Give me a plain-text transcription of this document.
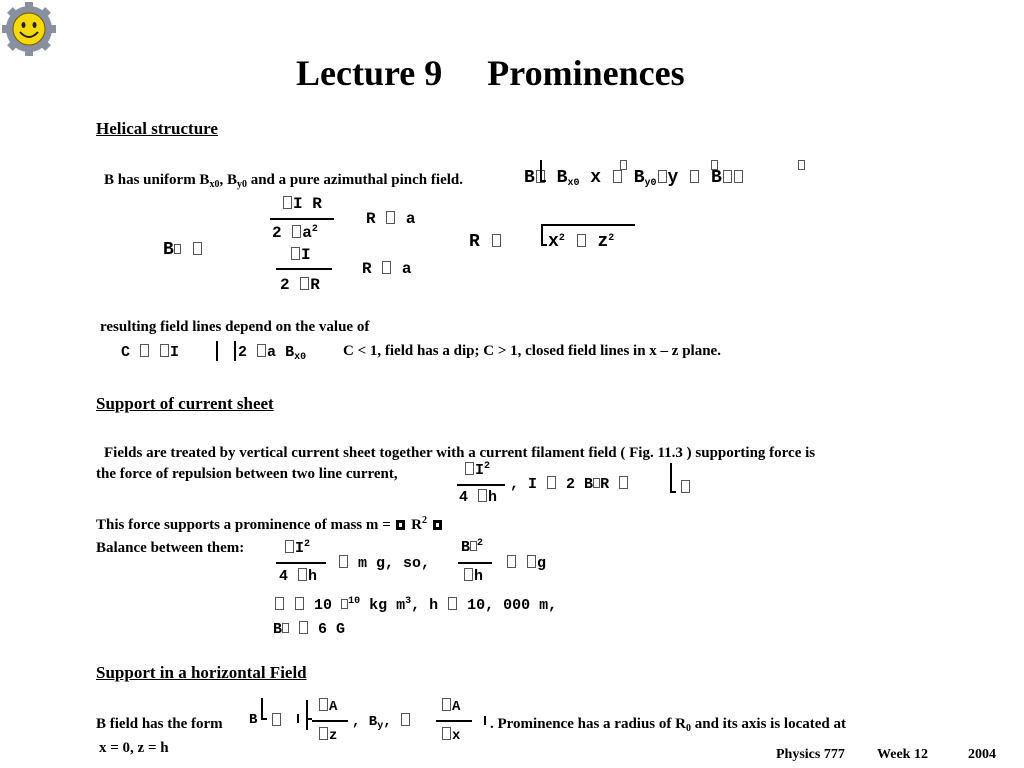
Lecture 9     Prominences
Helical structure
B has uniform $B_{x0}$, $B_{y0}$ and a pure azimuthal pinch field.	B $B_{x0}$ x $B_{y0}$ y B
B
I R
2 $a^2$
R a
I
2 R
R a
R	$x^2$ $z^2$
resulting field lines depend on the value of
C	I	2 a $B_{x0}$ C < 1, field has a dip; C > 1, closed field lines in x – z plane.
Support of current sheet
Fields are treated by vertical current sheet together with a current filament field ( Fig. 11.3 ) supporting force is
the force of repulsion between two line current,	$I^2$
4 h
, I 2 B R
This force supports a prominence of mass $m = R^2$
Balance between them:	$I^2$
4 h
m g, so,
B $^2$
h
g
10 $^{10}$ kg $m^3$, h 10, 000 m,
B 6 G
Support in a horizontal Field
B field has the form B
A
z
, $B_y$,
A
x
. Prominence has a radius of $R_0$ and its axis is located at
x = 0, z = h	Physics 777 Week 12	2004
